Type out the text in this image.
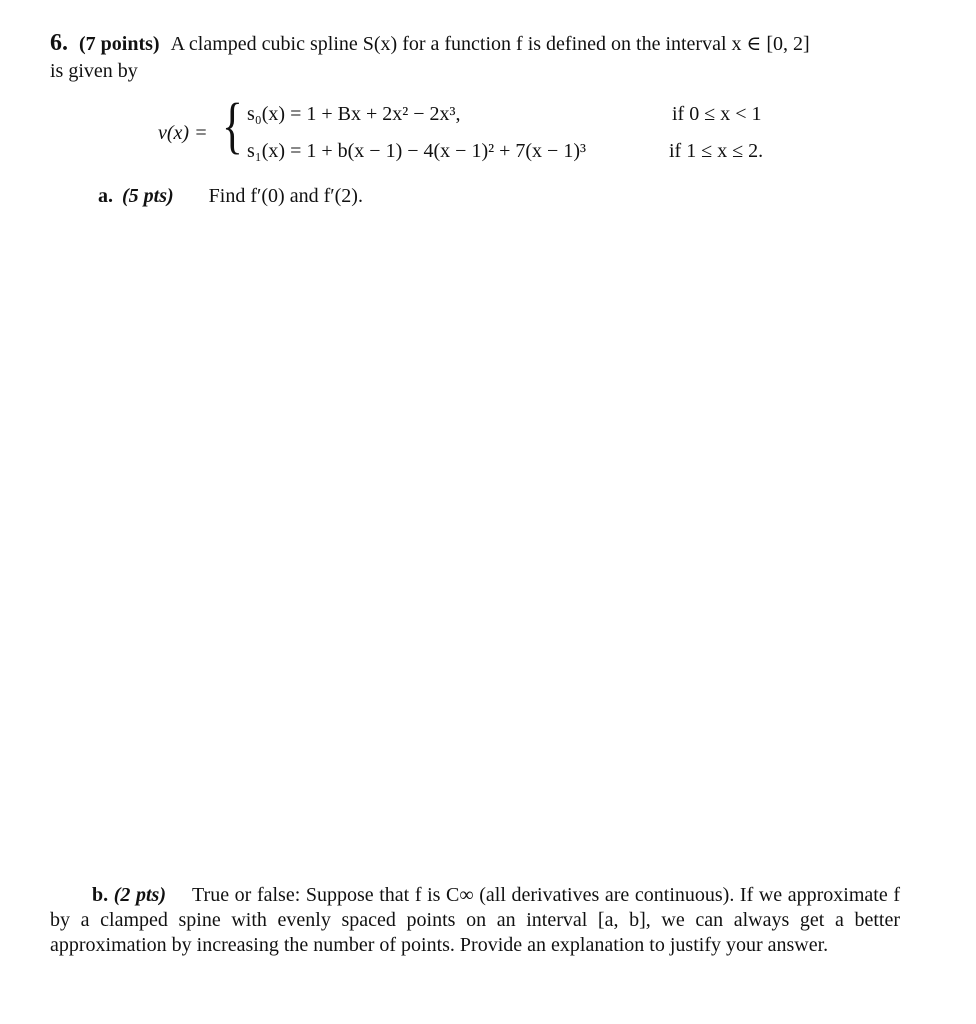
6. (7 points) A clamped cubic spline S(x) for a function f is defined on the interval x ∈ [0, 2]
is given by
v(x) = { s₀(x) = 1 + Bx + 2x² − 2x³,	if 0 ≤ x < 1
s₁(x) = 1 + b(x − 1) − 4(x − 1)² + 7(x − 1)³	if 1 ≤ x ≤ 2.
a. (5 pts) Find f′(0) and f′(2).
b. (2 pts) True or false: Suppose that f is C∞ (all derivatives are continuous). If we approximate f by a clamped spine with evenly spaced points on an interval [a, b], we can always get a better approximation by increasing the number of points. Provide an explanation to justify your answer.
